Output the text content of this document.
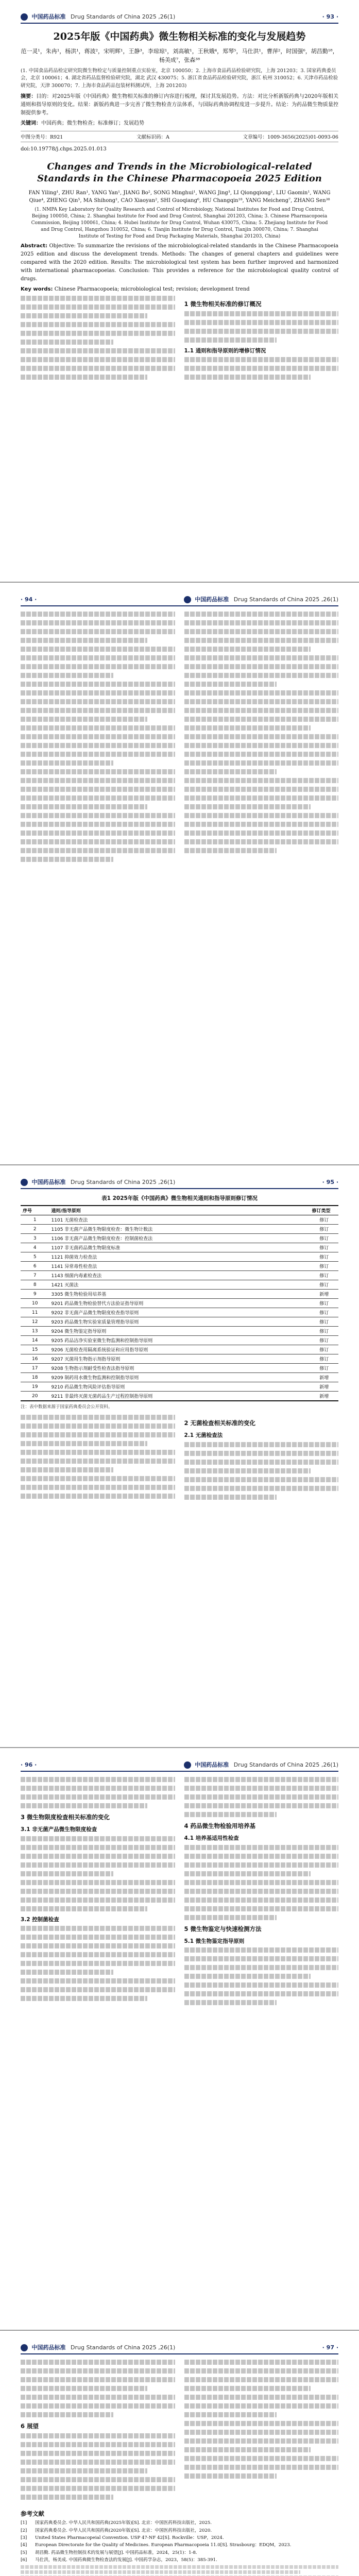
中国药品标准 Drug Standards of China 2025 ,26(1)	· 93 ·
2025年版《中国药典》微生物相关标准的变化与发展趋势
范一灵¹，朱冉¹，杨洪¹，蒋波²，宋明辉¹，王静³，李琼琼¹，刘高敏¹，王秋娥⁴，郑琴⁵，马仕洪¹，曹萍²，时国强⁶，胡昌勤¹⁸，杨美成⁷，张森³⁸
(1. 中国食品药品检定研究院微生物检定与质量控制重点实验室，北京 100050；2. 上海市食品药品检验研究院，上海 201203；3. 国家药典委员会，北京 100061；4. 湖北省药品监督检验研究院，湖北 武汉 430075；5. 浙江省食品药品检验研究院，浙江 杭州 310052；6. 天津市药品检验研究院，天津 300070；7. 上海市食品药品包装材料测试所，上海 201203)
摘要：目的：对2025年版《中国药典》微生物相关标准的修订内容进行梳理，探讨其发展趋势。方法：对比分析新版药典与2020年版相关通则和指导原则的变化。结果：新版药典进一步完善了微生物检查方法体系，与国际药典协调程度进一步提升。结论：为药品微生物质量控制提供参考。
关键词：中国药典；微生物检查；标准修订；发展趋势
中图分类号：R921	文献标识码：A	文章编号：1009-3656(2025)01-0093-06
doi:10.19778/j.chps.2025.01.013
Changes and Trends in the Microbiological-related Standards in the Chinese Pharmacopoeia 2025 Edition
FAN Yiling¹, ZHU Ran¹, YANG Yan¹, JIANG Bo², SONG Minghui¹, WANG Jing³, LI Qiongqiong¹, LIU Gaomin¹, WANG Qiue⁴, ZHENG Qin⁵, MA Shihong¹, CAO Xiaoyan², SHI Guoqiang⁶, HU Changqin¹⁸, YANG Meicheng⁷, ZHANG Sen³⁸
(1. NMPA Key Laboratory for Quality Research and Control of Microbiology, National Institutes for Food and Drug Control, Beijing 100050, China; 2. Shanghai Institute for Food and Drug Control, Shanghai 201203, China; 3. Chinese Pharmacopoeia Commission, Beijing 100061, China; 4. Hubei Institute for Drug Control, Wuhan 430075, China; 5. Zhejiang Institute for Food and Drug Control, Hangzhou 310052, China; 6. Tianjin Institute for Drug Control, Tianjin 300070, China; 7. Shanghai Institute of Testing for Food and Drug Packaging Materials, Shanghai 201203, China)
Abstract: Objective: To summarize the revisions of the microbiological-related standards in the Chinese Pharmacopoeia 2025 edition and discuss the development trends. Methods: The changes of general chapters and guidelines were compared with the 2020 edition. Results: The microbiological test system has been further improved and harmonized with international pharmacopoeias. Conclusion: This provides a reference for the microbiological quality control of drugs.
Key words: Chinese Pharmacopoeia; microbiological test; revision; development trend
1 微生物相关标准的修订概况
1.1 通则和指导原则的增修订情况
· 94 ·	中国药品标准 Drug Standards of China 2025 ,26(1)
中国药品标准 Drug Standards of China 2025 ,26(1)	· 95 ·
表1 2025年版《中国药典》微生物相关通则和指导原则修订情况
序号	通则/指导原则	修订类型
1	1101 无菌检查法	修订
2	1105 非无菌产品微生物限度检查：微生物计数法	修订
3	1106 非无菌产品微生物限度检查：控制菌检查法	修订
4	1107 非无菌药品微生物限度标准	修订
5	1121 抑菌效力检查法	修订
6	1141 异常毒性检查法	修订
7	1143 细菌内毒素检查法	修订
8	1421 灭菌法	修订
9	3305 微生物检验用培养基	新增
10	9201 药品微生物检验替代方法验证指导原则	修订
11	9202 非无菌产品微生物限度检查指导原则	修订
12	9203 药品微生物实验室质量管理指导原则	修订
13	9204 微生物鉴定指导原则	修订
14	9205 药品洁净实验室微生物监测和控制指导原则	修订
15	9206 无菌检查用隔离系统验证和应用指导原则	修订
16	9207 灭菌用生物指示剂指导原则	修订
17	9208 生物指示剂耐受性检查法指导原则	修订
18	9209 制药用水微生物监测和控制指导原则	新增
19	9210 药品微生物风险评估指导原则	新增
20	9211 非最终灭菌无菌药品生产过程控制指导原则	新增
注：表中数据来源于国家药典委员会公开资料。
2 无菌检查相关标准的变化
2.1 无菌检查法
· 96 ·	中国药品标准 Drug Standards of China 2025 ,26(1)
3 微生物限度检查相关标准的变化
3.1 非无菌产品微生物限度检查
3.2 控制菌检查
4 药品微生物检验用培养基
4.1 培养基适用性检查
5 微生物鉴定与快速检测方法
5.1 微生物鉴定指导原则
中国药品标准 Drug Standards of China 2025 ,26(1)	· 97 ·
6 展望
参考文献
[1]	国家药典委员会. 中华人民共和国药典(2025年版)[S]. 北京：中国医药科技出版社，2025.
[2]	国家药典委员会. 中华人民共和国药典(2020年版)[S]. 北京：中国医药科技出版社，2020.
[3]	United States Pharmacopeial Convention. USP 47-NF 42[S]. Rockville：USP，2024.
[4]	European Directorate for the Quality of Medicines. European Pharmacopoeia 11.0[S]. Strasbourg：EDQM，2023.
[5]	胡昌勤. 药品微生物控制技术的发展与展望[J]. 中国药品标准，2024，25(1)：1-8.
[6]	马仕洪，杨美成. 中国药典微生物检查法的发展[J]. 中国药学杂志，2023，58(5)：385-391.
